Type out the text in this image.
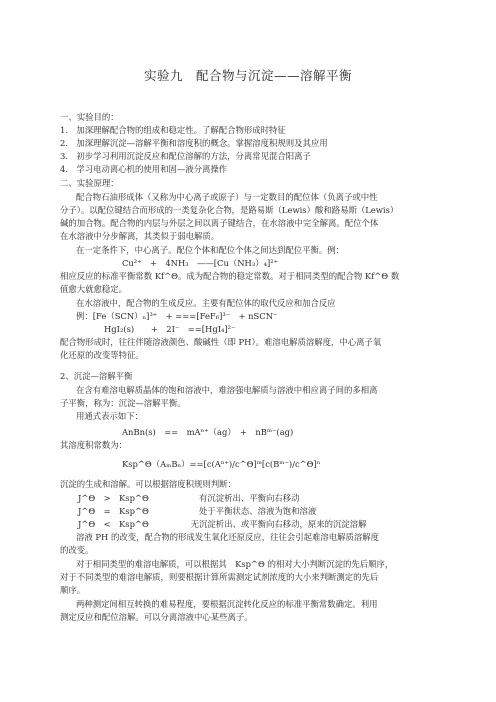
实验九　配合物与沉淀——溶解平衡
一、实验目的：
1.　加深理解配合物的组成和稳定性。了解配合物形成时特征
2.　加深理解沉淀—溶解平衡和溶度积的概念。掌握溶度积规则及其应用
3.　初步学习利用沉淀反应和配位溶解的方法，分离常见混合阳离子
4.　学习电动离心机的使用和固—液分离操作
二、实验原理：
配合物石油形成体（又称为中心离子或原子）与一定数目的配位体（负离子或中性
分子）。以配位键结合而形成的一类复杂化合物，是路易斯（Lewis）酸和路易斯（Lewis）
碱的加合物。配合物的内层与外层之间以离子键结合，在水溶液中完全解离。配位个体
在水溶液中分步解离，其类似于弱电解质。
在一定条件下，中心离子。配位个体和配位个体之间达到配位平衡。例：
Cu²⁺　+　4NH₃　——[Cu（NH₃）₄]²⁺
相应反应的标准平衡常数 Kf^Θ。成为配合物的稳定常数。对于相同类型的配合物 Kf^Θ 数
值愈大就愈稳定。
在水溶液中，配合物的生成反应。主要有配位体的取代反应和加合反应
例：[Fe（SCN）ₙ]³⁺　+ ===[FeF₆]³⁻　+ nSCN⁻
HgI₂(s)　　+　2I⁻　==[HgI₄]²⁻
配合物形成时，往往伴随溶液颜色、酸碱性（即 PH）。难溶电解质溶解度，中心离子氧
化还原的改变等特征。
2、沉淀—溶解平衡
在含有难溶电解质晶体的饱和溶液中，难溶强电解质与溶液中相应离子间的多相离
子平衡，称为：沉淀—溶解平衡。
用通式表示如下：
AnBn(s)　==　mAⁿ⁺（ag）　+　nBᵐ⁻(ag)
其溶度积常数为：
Ksp^Θ（AₘBₙ）==[c(Aⁿ⁺)/c^Θ]ᵐ[c(Bᵐ⁻)/c^Θ]ⁿ
沉淀的生成和溶解。可以根据溶度积规则判断：
J^Θ　>　Ksp^Θ　　　　　　有沉淀析出、平衡向右移动
J^Θ　=　Ksp^Θ　　　　　　处于平衡状态、溶液为饱和溶液
J^Θ　<　Ksp^Θ　　　　　无沉淀析出、或平衡向右移动，原来的沉淀溶解
溶液 PH 的改变，配合物的形成发生氧化还原反应，往往会引起难溶电解质溶解度
的改变。
对于相同类型的难溶电解质，可以根据其　Ksp^Θ 的相对大小判断沉淀的先后顺序，
对于不同类型的难溶电解质，则要根据计算所需测定试剂浓度的大小来判断测定的先后
顺序。
两种测定间相互转换的难易程度，要根据沉淀转化反应的标准平衡常数确定。利用
测定反应和配位溶解。可以分离溶液中心某些离子。
